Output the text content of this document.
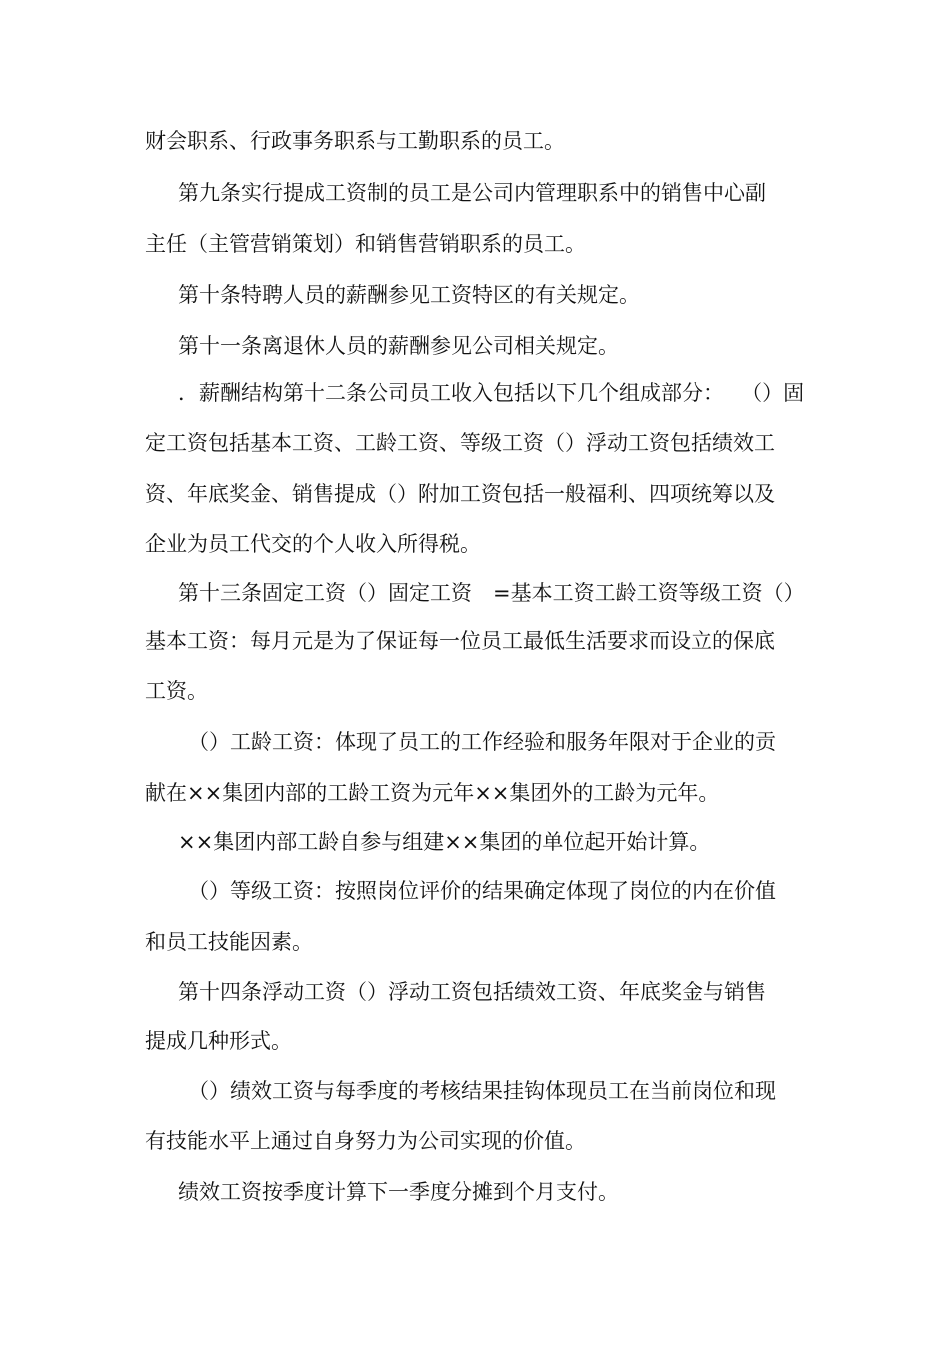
财会职系、行政事务职系与工勤职系的员工。
第九条实行提成工资制的员工是公司内管理职系中的销售中心副
主任（主管营销策划）和销售营销职系的员工。
第十条特聘人员的薪酬参见工资特区的有关规定。
第十一条离退休人员的薪酬参见公司相关规定。
．薪酬结构第十二条公司员工收入包括以下几个组成部分：　 （）固
定工资包括基本工资、工龄工资、等级工资（）浮动工资包括绩效工
资、年底奖金、销售提成（）附加工资包括一般福利、四项统筹以及
企业为员工代交的个人收入所得税。
第十三条固定工资（）固定工资　=基本工资工龄工资等级工资（）
基本工资：每月元是为了保证每一位员工最低生活要求而设立的保底
工资。
（）工龄工资：体现了员工的工作经验和服务年限对于企业的贡
献在××集团内部的工龄工资为元年××集团外的工龄为元年。
××集团内部工龄自参与组建××集团的单位起开始计算。
（）等级工资：按照岗位评价的结果确定体现了岗位的内在价值
和员工技能因素。
第十四条浮动工资（）浮动工资包括绩效工资、年底奖金与销售
提成几种形式。
（）绩效工资与每季度的考核结果挂钩体现员工在当前岗位和现
有技能水平上通过自身努力为公司实现的价值。
绩效工资按季度计算下一季度分摊到个月支付。
